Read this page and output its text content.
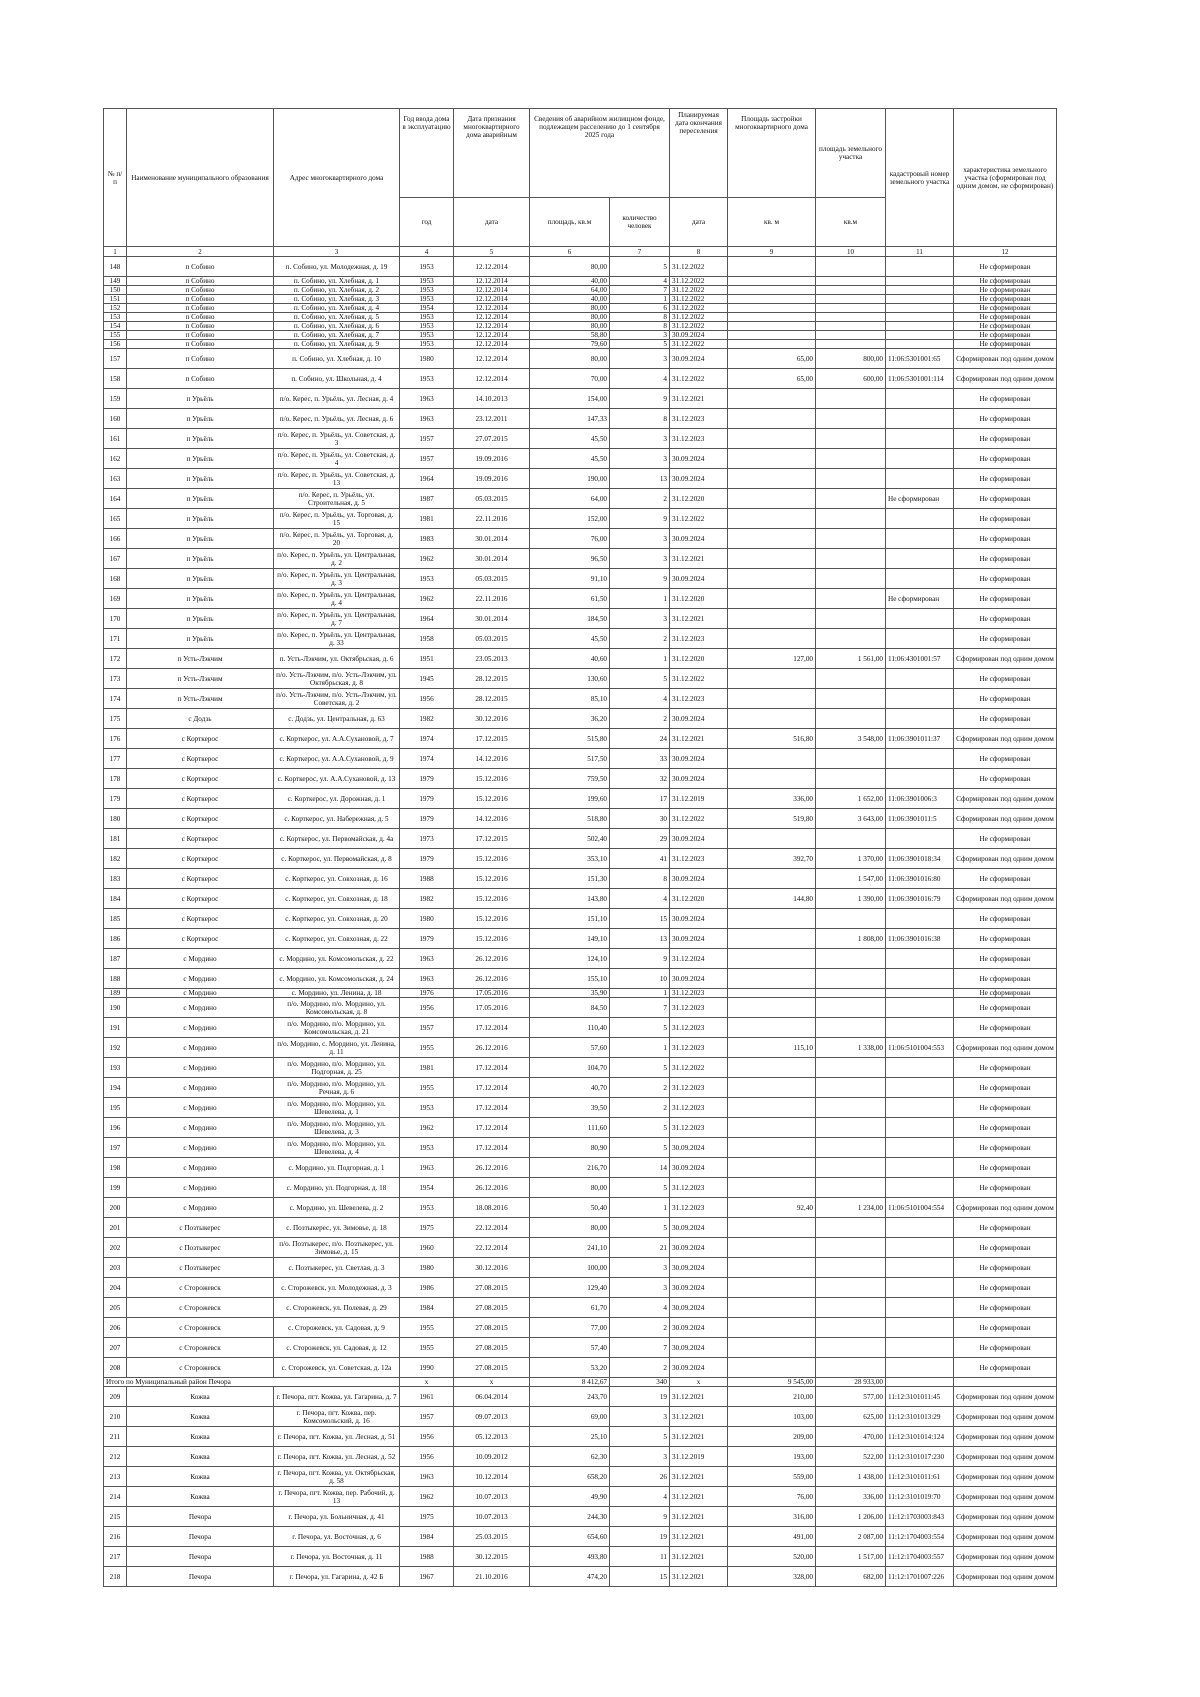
№ п/п	Наименование муниципального образования	Адрес многоквартирного дома	Год ввода дома в эксплуатацию	Дата признания многоквартирного дома аварийным	Сведения об аварийном жилищном фонде, подлежащем расселению до 1 сентября 2025 года		Планируемая дата окончания переселения	Площадь застройки многоквартирного дома	площадь земельного участка	кадастровый номер земельного участка	характеристика земельного участка (сформирован под одним домом, не сформирован)
			год	дата	площадь, кв.м	количество человек	дата	кв. м	кв.м		
1	2	3	4	5	6	7	8	9	10	11	12
148	п Собино	п. Собино, ул. Молодежная, д. 19	1953	12.12.2014	80,00	5	31.12.2022				Не сформирован
149	п Собино	п. Собино, ул. Хлебная, д. 1	1953	12.12.2014	40,00	4	31.12.2022				Не сформирован
150	п Собино	п. Собино, ул. Хлебная, д. 2	1953	12.12.2014	64,00	7	31.12.2022				Не сформирован
151	п Собино	п. Собино, ул. Хлебная, д. 3	1953	12.12.2014	40,00	1	31.12.2022				Не сформирован
152	п Собино	п. Собино, ул. Хлебная, д. 4	1954	12.12.2014	80,00	6	31.12.2022				Не сформирован
153	п Собино	п. Собино, ул. Хлебная, д. 5	1953	12.12.2014	80,00	8	31.12.2022				Не сформирован
154	п Собино	п. Собино, ул. Хлебная, д. 6	1953	12.12.2014	80,00	8	31.12.2022				Не сформирован
155	п Собино	п. Собино, ул. Хлебная, д. 7	1953	12.12.2014	58,80	3	30.09.2024				Не сформирован
156	п Собино	п. Собино, ул. Хлебная, д. 9	1953	12.12.2014	79,60	5	31.12.2022				Не сформирован
157	п Собино	п. Собино, ул. Хлебная, д. 10	1980	12.12.2014	80,00	3	30.09.2024	65,00	800,00	11:06:5301001:65	Сформирован под одним домом
158	п Собино	п. Собино, ул. Школьная, д. 4	1953	12.12.2014	70,00	4	31.12.2022	65,00	600,00	11:06:5301001:114	Сформирован под одним домом
159	п Урьёль	п/о. Керес, п. Урьёль, ул. Лесная, д. 4	1963	14.10.2013	154,00	9	31.12.2021				Не сформирован
160	п Урьёль	п/о. Керес, п. Урьёль, ул. Лесная, д. 6	1963	23.12.2011	147,33	8	31.12.2023				Не сформирован
161	п Урьёль	п/о. Керес, п. Урьёль, ул. Советская, д. 3	1957	27.07.2015	45,50	3	31.12.2023				Не сформирован
162	п Урьёль	п/о. Керес, п. Урьёль, ул. Советская, д. 4	1957	19.09.2016	45,50	3	30.09.2024				Не сформирован
163	п Урьёль	п/о. Керес, п. Урьёль, ул. Советская, д. 13	1964	19.09.2016	190,00	13	30.09.2024				Не сформирован
164	п Урьёль	п/о. Керес, п. Урьёль, ул. Строительная, д. 5	1987	05.03.2015	64,00	2	31.12.2020			Не сформирован	Не сформирован
165	п Урьёль	п/о. Керес, п. Урьёль, ул. Торговая, д. 15	1981	22.11.2016	152,00	9	31.12.2022				Не сформирован
166	п Урьёль	п/о. Керес, п. Урьёль, ул. Торговая, д. 20	1983	30.01.2014	76,00	3	30.09.2024				Не сформирован
167	п Урьёль	п/о. Керес, п. Урьёль, ул. Центральная, д. 2	1962	30.01.2014	96,50	3	31.12.2021				Не сформирован
168	п Урьёль	п/о. Керес, п. Урьёль, ул. Центральная, д. 3	1953	05.03.2015	91,10	9	30.09.2024				Не сформирован
169	п Урьёль	п/о. Керес, п. Урьёль, ул. Центральная, д. 4	1962	22.11.2016	61,50	1	31.12.2020			Не сформирован	Не сформирован
170	п Урьёль	п/о. Керес, п. Урьёль, ул. Центральная, д. 7	1964	30.01.2014	184,50	3	31.12.2021				Не сформирован
171	п Урьёль	п/о. Керес, п. Урьёль, ул. Центральная, д. 33	1958	05.03.2015	45,50	2	31.12.2023				Не сформирован
172	п Усть-Лэкчим	п. Усть-Лэкчим, ул. Октябрьская, д. 6	1951	23.05.2013	40,60	1	31.12.2020	127,00	1 561,00	11:06:4301001:57	Сформирован под одним домом
173	п Усть-Лэкчим	п/о. Усть-Лэкчим, п/о. Усть-Лэкчим, ул. Октябрьская, д. 8	1945	28.12.2015	130,60	5	31.12.2022				Не сформирован
174	п Усть-Лэкчим	п/о. Усть-Лэкчим, п/о. Усть-Лэкчим, ул. Советская, д. 2	1956	28.12.2015	85,10	4	31.12.2023				Не сформирован
175	с Додзь	с. Додзь, ул. Центральная, д. 63	1982	30.12.2016	36,20	2	30.09.2024				Не сформирован
176	с Корткерос	с. Корткерос, ул. А.А.Сухановой, д. 7	1974	17.12.2015	515,80	24	31.12.2021	516,80	3 548,00	11:06:3901011:37	Сформирован под одним домом
177	с Корткерос	с. Корткерос, ул. А.А.Сухановой, д. 9	1974	14.12.2016	517,50	33	30.09.2024				Не сформирован
178	с Корткерос	с. Корткерос, ул. А.А.Сухановой, д. 13	1979	15.12.2016	759,50	32	30.09.2024				Не сформирован
179	с Корткерос	с. Корткерос, ул. Дорожная, д. 1	1979	15.12.2016	199,60	17	31.12.2019	336,00	1 652,00	11:06:3901006:3	Сформирован под одним домом
180	с Корткерос	с. Корткерос, ул. Набережная, д. 5	1979	14.12.2016	518,80	30	31.12.2022	519,80	3 643,00	11:06:3901011:5	Сформирован под одним домом
181	с Корткерос	с. Корткерос, ул. Первомайская, д. 4а	1973	17.12.2015	502,40	29	30.09.2024				Не сформирован
182	с Корткерос	с. Корткерос, ул. Первомайская, д. 8	1979	15.12.2016	353,10	41	31.12.2023	392,70	1 370,00	11:06:3901018:34	Сформирован под одним домом
183	с Корткерос	с. Корткерос, ул. Совхозная, д. 16	1988	15.12.2016	151,30	8	30.09.2024		1 547,00	11:06:3901016:80	Не сформирован
184	с Корткерос	с. Корткерос, ул. Совхозная, д. 18	1982	15.12.2016	143,80	4	31.12.2020	144,80	1 390,00	11:06:3901016:79	Сформирован под одним домом
185	с Корткерос	с. Корткерос, ул. Совхозная, д. 20	1980	15.12.2016	151,10	15	30.09.2024				Не сформирован
186	с Корткерос	с. Корткерос, ул. Совхозная, д. 22	1979	15.12.2016	149,10	13	30.09.2024		1 808,00	11:06:3901016:38	Не сформирован
187	с Мордино	с. Мордино, ул. Комсомольская, д. 22	1963	26.12.2016	124,10	9	31.12.2024				Не сформирован
188	с Мордино	с. Мордино, ул. Комсомольская, д. 24	1963	26.12.2016	155,10	10	30.09.2024				Не сформирован
189	с Мордино	с. Мордино, ул. Ленина, д. 18	1976	17.05.2016	35,90	1	31.12.2023				Не сформирован
190	с Мордино	п/о. Мордино, п/о. Мордино, ул. Комсомольская, д. 8	1956	17.05.2016	84,50	7	31.12.2023				Не сформирован
191	с Мордино	п/о. Мордино, п/о. Мордино, ул. Комсомольская, д. 21	1957	17.12.2014	110,40	5	31.12.2023				Не сформирован
192	с Мордино	п/о. Мордино, с. Мордино, ул. Ленина, д. 11	1955	26.12.2016	57,60	1	31.12.2023	115,10	1 338,00	11:06:5101004:553	Сформирован под одним домом
193	с Мордино	п/о. Мордино, п/о. Мордино, ул. Подгорная, д. 25	1981	17.12.2014	104,70	5	31.12.2022				Не сформирован
194	с Мордино	п/о. Мордино, п/о. Мордино, ул. Речная, д. 6	1955	17.12.2014	40,70	2	31.12.2023				Не сформирован
195	с Мордино	п/о. Мордино, п/о. Мордино, ул. Шевелева, д. 1	1953	17.12.2014	39,50	2	31.12.2023				Не сформирован
196	с Мордино	п/о. Мордино, п/о. Мордино, ул. Шевелева, д. 3	1962	17.12.2014	111,60	5	31.12.2023				Не сформирован
197	с Мордино	п/о. Мордино, п/о. Мордино, ул. Шевелева, д. 4	1953	17.12.2014	80,90	5	30.09.2024				Не сформирован
198	с Мордино	с. Мордино, ул. Подгорная, д. 1	1963	26.12.2016	216,70	14	30.09.2024				Не сформирован
199	с Мордино	с. Мордино, ул. Подгорная, д. 18	1954	26.12.2016	80,00	5	31.12.2023				Не сформирован
200	с Мордино	с. Мордино, ул. Шевелева, д. 2	1953	18.08.2016	50,40	1	31.12.2023	92,40	1 234,00	11:06:5101004:554	Сформирован под одним домом
201	с Позтыкерес	с. Позтыкерес, ул. Зимовье, д. 18	1975	22.12.2014	80,00	5	30.09.2024				Не сформирован
202	с Позтыкерес	п/о. Позтыкерес, п/о. Позтыкерес, ул. Зимовье, д. 15	1960	22.12.2014	241,10	21	30.09.2024				Не сформирован
203	с Позтыкерес	с. Позтыкерес, ул. Светлая, д. 3	1980	30.12.2016	100,00	3	30.09.2024				Не сформирован
204	с Сторожевск	с. Сторожевск, ул. Молодежная, д. 3	1986	27.08.2015	129,40	3	30.09.2024				Не сформирован
205	с Сторожевск	с. Сторожевск, ул. Полевая, д. 29	1984	27.08.2015	61,70	4	30.09.2024				Не сформирован
206	с Сторожевск	с. Сторожевск, ул. Садовая, д. 9	1955	27.08.2015	77,00	2	30.09.2024				Не сформирован
207	с Сторожевск	с. Сторожевск, ул. Садовая, д. 12	1955	27.08.2015	57,40	7	30.09.2024				Не сформирован
208	с Сторожевск	с. Сторожевск, ул. Советская, д. 12а	1990	27.08.2015	53,20	2	30.09.2024				Не сформирован
Итого по Муниципальный район Печора			х	х	8 412,67	340	х	9 545,00	28 933,00		
209	Кожва	г. Печора, пгт. Кожва, ул. Гагарина, д. 7	1961	06.04.2014	243,70	19	31.12.2021	210,00	577,00	11:12:3101011:45	Сформирован под одним домом
210	Кожва	г. Печора, пгт. Кожва, пер. Комсомольский, д. 16	1957	09.07.2013	69,00	3	31.12.2021	103,00	625,00	11:12:3101013:29	Сформирован под одним домом
211	Кожва	г. Печора, пгт. Кожва, ул. Лесная, д. 51	1956	05.12.2013	25,10	5	31.12.2021	209,00	470,00	11:12:3101014:124	Сформирован под одним домом
212	Кожва	г. Печора, пгт. Кожва, ул. Лесная, д. 52	1956	10.09.2012	62,30	3	31.12.2019	193,00	522,00	11:12:3101017:230	Сформирован под одним домом
213	Кожва	г. Печора, пгт. Кожва, ул. Октябрьская, д. 58	1963	10.12.2014	658,20	26	31.12.2021	559,00	1 438,00	11:12:3101011:61	Сформирован под одним домом
214	Кожва	г. Печора, пгт. Кожва, пер. Рабочий, д. 13	1962	10.07.2013	49,90	4	31.12.2021	76,00	336,00	11:12:3101019:70	Сформирован под одним домом
215	Печора	г. Печора, ул. Больничная, д. 41	1975	10.07.2013	244,30	9	31.12.2021	316,00	1 206,00	11:12:1703003:843	Сформирован под одним домом
216	Печора	г. Печора, ул. Восточная, д. 6	1984	25.03.2015	654,60	19	31.12.2021	491,00	2 087,00	11:12:1704003:554	Сформирован под одним домом
217	Печора	г. Печора, ул. Восточная, д. 11	1988	30.12.2015	493,80	11	31.12.2021	520,00	1 517,00	11:12:1704003:557	Сформирован под одним домом
218	Печора	г. Печора, ул. Гагарина, д. 42 Б	1967	21.10.2016	474,20	15	31.12.2021	328,00	682,00	11:12:1701007:226	Сформирован под одним домом
